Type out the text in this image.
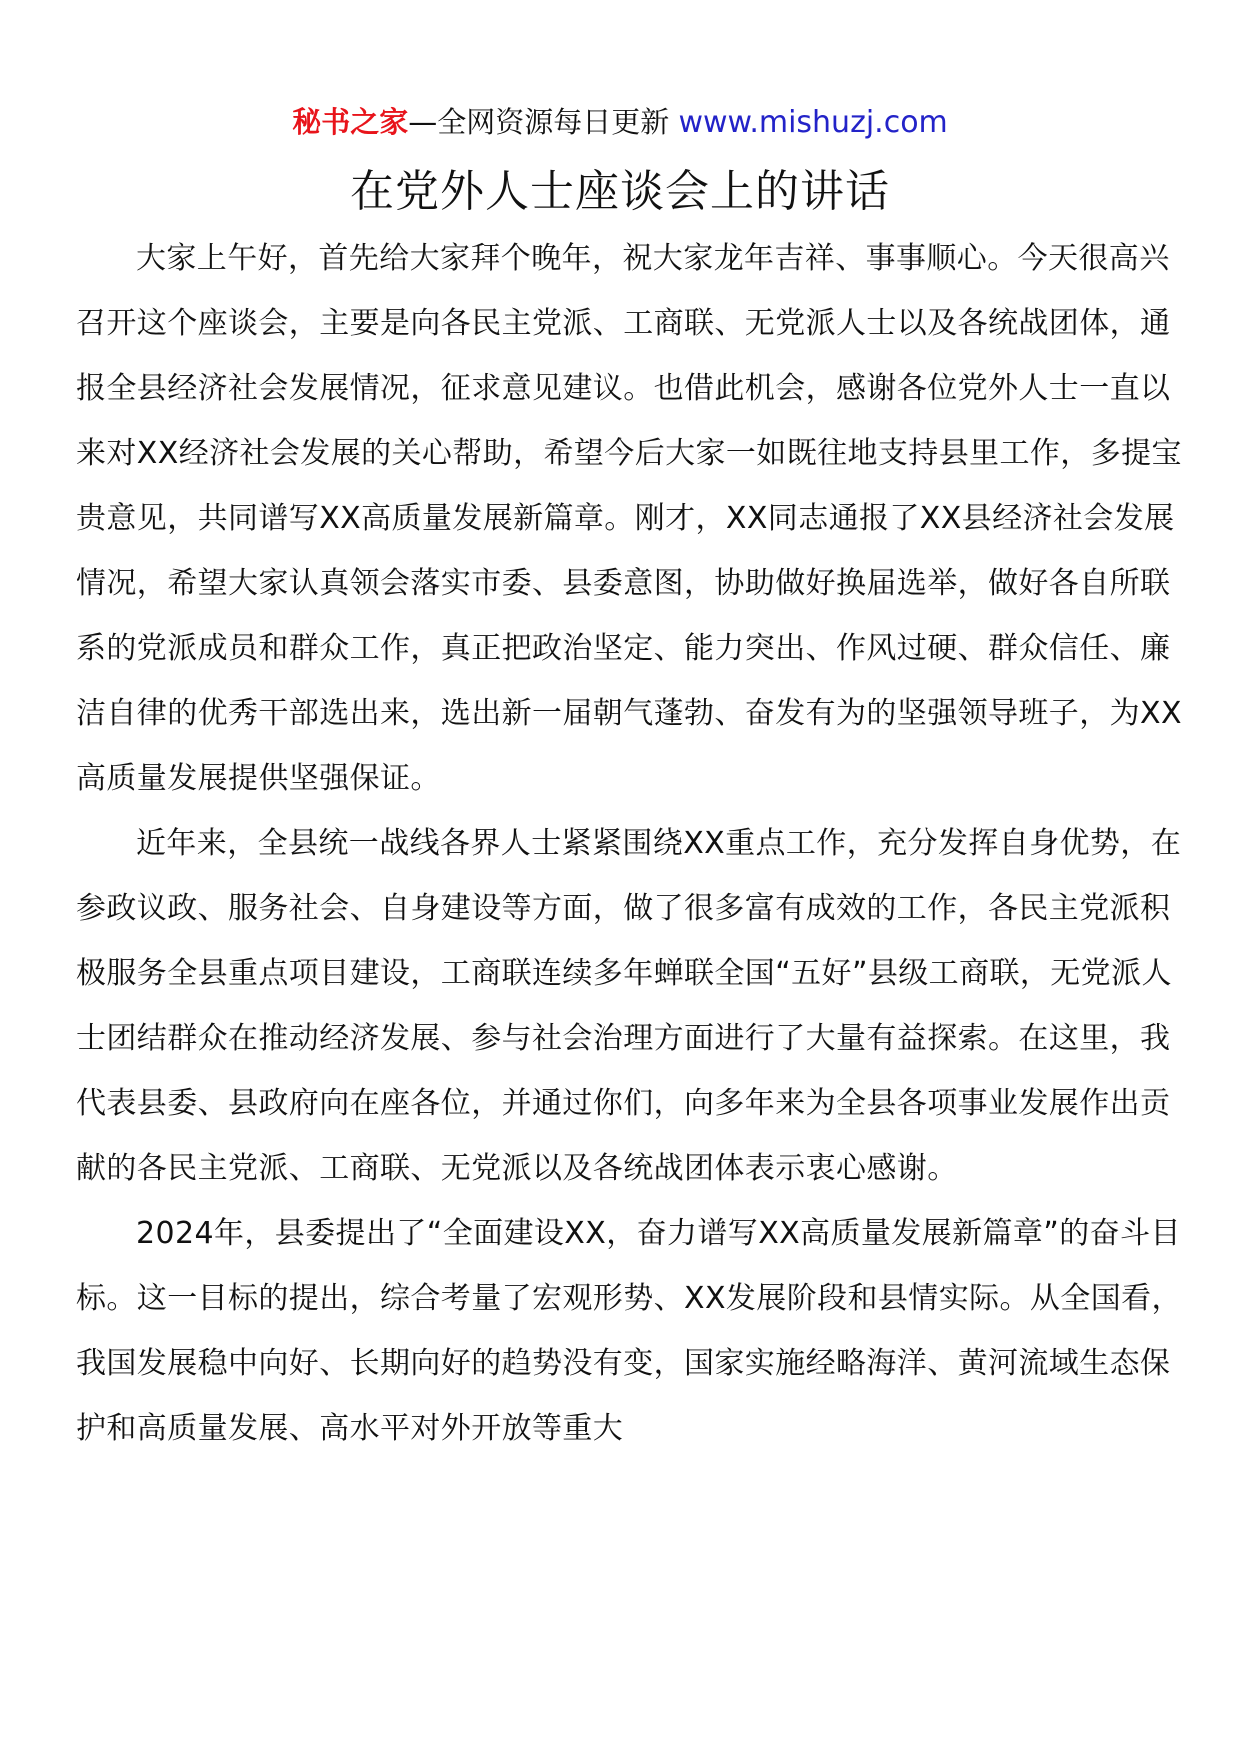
秘书之家—全网资源每日更新 www.mishuzj.com
在党外人士座谈会上的讲话

大家上午好，首先给大家拜个晚年，祝大家龙年吉祥、事事顺心。今天很高兴召开这个座谈会，主要是向各民主党派、工商联、无党派人士以及各统战团体，通报全县经济社会发展情况，征求意见建议。也借此机会，感谢各位党外人士一直以来对XX经济社会发展的关心帮助，希望今后大家一如既往地支持县里工作，多提宝贵意见，共同谱写XX高质量发展新篇章。刚才，XX同志通报了XX县经济社会发展情况，希望大家认真领会落实市委、县委意图，协助做好换届选举，做好各自所联系的党派成员和群众工作，真正把政治坚定、能力突出、作风过硬、群众信任、廉洁自律的优秀干部选出来，选出新一届朝气蓬勃、奋发有为的坚强领导班子，为XX高质量发展提供坚强保证。

近年来，全县统一战线各界人士紧紧围绕XX重点工作，充分发挥自身优势，在参政议政、服务社会、自身建设等方面，做了很多富有成效的工作，各民主党派积极服务全县重点项目建设，工商联连续多年蝉联全国“五好”县级工商联，无党派人士团结群众在推动经济发展、参与社会治理方面进行了大量有益探索。在这里，我代表县委、县政府向在座各位，并通过你们，向多年来为全县各项事业发展作出贡献的各民主党派、工商联、无党派以及各统战团体表示衷心感谢。

2024年，县委提出了“全面建设XX，奋力谱写XX高质量发展新篇章”的奋斗目标。这一目标的提出，综合考量了宏观形势、XX发展阶段和县情实际。从全国看，我国发展稳中向好、长期向好的趋势没有变，国家实施经略海洋、黄河流域生态保护和高质量发展、高水平对外开放等重大
